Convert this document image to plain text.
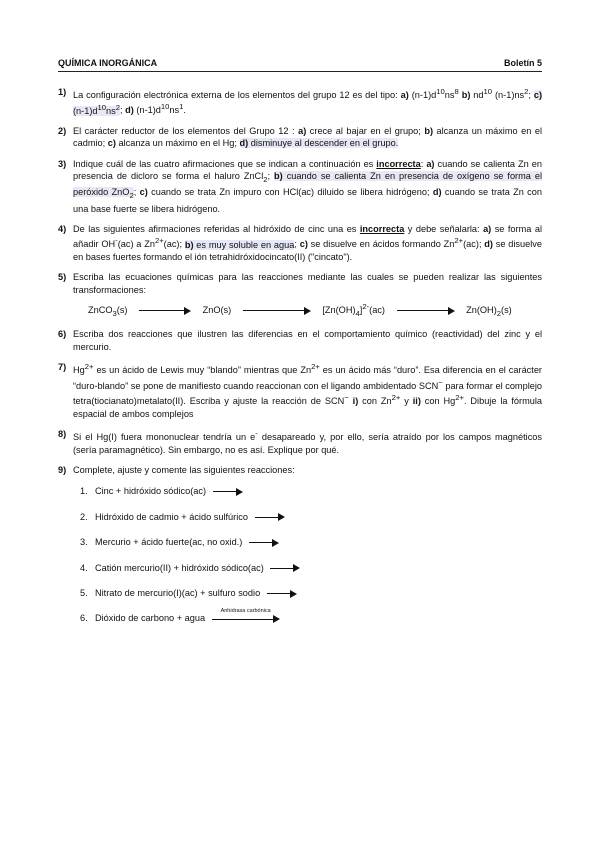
QUÍMICA INORGÁNICA	Boletín 5
1) La configuración electrónica externa de los elementos del grupo 12 es del tipo: a) $(n-1)d^{10}ns^8$ b) $nd^{10}$ $(n-1)ns^2$; c) $(n-1)d^{10}ns^2$; d) $(n-1)d^{10}ns^1$.

2) El carácter reductor de los elementos del Grupo 12 : a) crece al bajar en el grupo; b) alcanza un máximo en el cadmio; c) alcanza un máximo en el Hg; d) disminuye al descender en el grupo.

3) Indique cuál de las cuatro afirmaciones que se indican a continuación es incorrecta: a) cuando se calienta Zn en presencia de dicloro se forma el haluro ZnCl$_2$; b) cuando se calienta Zn en presencia de oxígeno se forma el peróxido ZnO$_2$; c) cuando se trata Zn impuro con HCl(ac) diluido se libera hidrógeno; d) cuando se trata Zn con una base fuerte se libera hidrógeno.

4) De las siguientes afirmaciones referidas al hidróxido de cinc una es incorrecta y debe señalarla: a) se forma al añadir OH-(ac) a $Zn^{2+}(ac)$; b) es muy soluble en agua; c) se disuelve en ácidos formando $Zn^{2+}(ac)$; d) se disuelve en bases fuertes formando el ión tetrahidróxidocincato(II) ("cincato").

5) Escriba las ecuaciones químicas para las reacciones mediante las cuales se pueden realizar las siguientes transformaciones:

ZnCO$_3$(s)	ZnO(s)	$[Zn(OH)_4]^{2-}(ac)$	$Zn(OH)_2(s)$
6) Escriba dos reacciones que ilustren las diferencias en el comportamiento químico (reactividad) del zinc y el mercurio.

7) $Hg^{2+}$ es un ácido de Lewis muy “blando” mientras que $Zn^{2+}$ es un ácido más “duro”. Esa diferencia en el carácter “duro-blando” se pone de manifiesto cuando reaccionan con el ligando ambidentado SCN− para formar el complejo tetra(tiocianato)metalato(II). Escriba y ajuste la reacción de SCN− i) con $Zn^{2+}$ y ii) con $Hg^{2+}$. Dibuje la fórmula espacial de ambos complejos

8) Si el Hg(I) fuera mononuclear tendría un e- desapareado y, por ello, sería atraído por los campos magnéticos (sería paramagnético). Sin embargo, no es así. Explique por qué.

9) Complete, ajuste y comente las siguientes reacciones:

1. Cinc + hidróxido sódico(ac)
2. Hidróxido de cadmio + ácido sulfúrico
3. Mercurio + ácido fuerte(ac, no oxid.)
4. Catión mercurio(II) + hidróxido sódico(ac)
5. Nitrato de mercurio(I)(ac) + sulfuro sodio
6. Dióxido de carbono + agua
Anhidrasa carbónica
